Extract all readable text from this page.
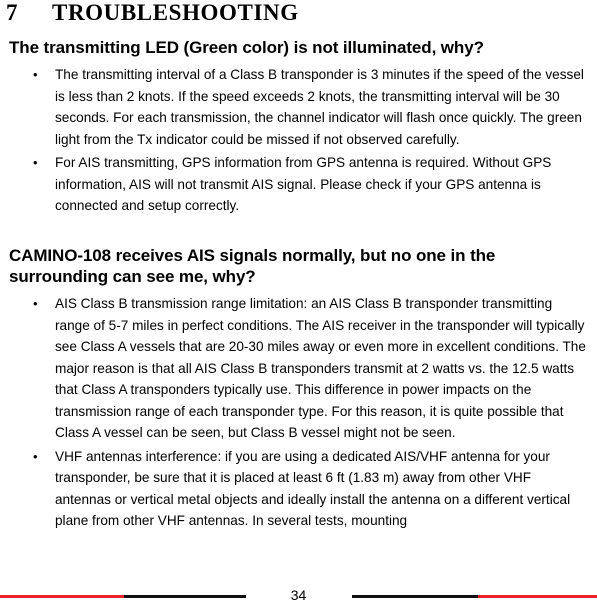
7 TROUBLESHOOTING
The transmitting LED (Green color) is not illuminated, why?
• The transmitting interval of a Class B transponder is 3 minutes if the speed of the vessel is less than 2 knots. If the speed exceeds 2 knots, the transmitting interval will be 30 seconds. For each transmission, the channel indicator will flash once quickly. The green light from the Tx indicator could be missed if not observed carefully.
• For AIS transmitting, GPS information from GPS antenna is required. Without GPS information, AIS will not transmit AIS signal. Please check if your GPS antenna is connected and setup correctly.
CAMINO-108 receives AIS signals normally, but no one in the
surrounding can see me, why?
• AIS Class B transmission range limitation: an AIS Class B transponder transmitting range of 5-7 miles in perfect conditions. The AIS receiver in the transponder will typically see Class A vessels that are 20-30 miles away or even more in excellent conditions. The major reason is that all AIS Class B transponders transmit at 2 watts vs. the 12.5 watts that Class A transponders typically use. This difference in power impacts on the transmission range of each transponder type. For this reason, it is quite possible that Class A vessel can be seen, but Class B vessel might not be seen.
• VHF antennas interference: if you are using a dedicated AIS/VHF antenna for your transponder, be sure that it is placed at least 6 ft (1.83 m) away from other VHF antennas or vertical metal objects and ideally install the antenna on a different vertical plane from other VHF antennas. In several tests, mounting
34
